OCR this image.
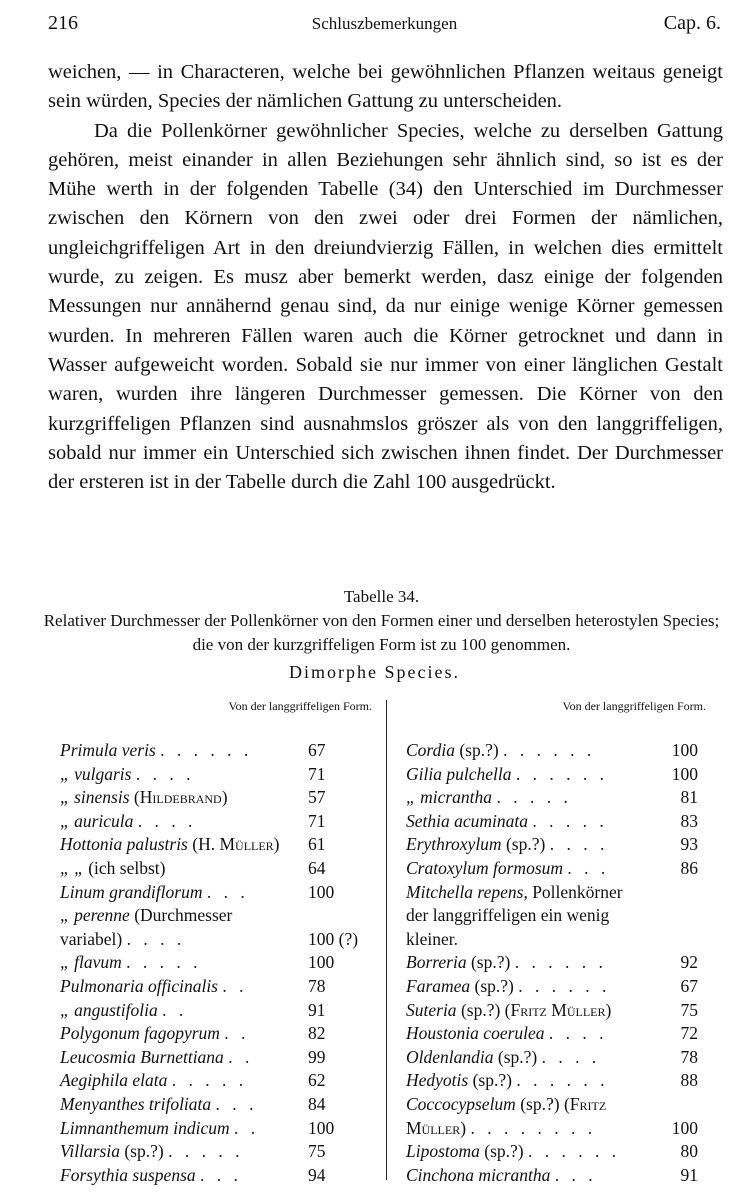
216	Schluszbemerkungen	Cap. 6.

weichen, — in Characteren, welche bei gewöhnlichen Pflanzen weitaus geneigt sein würden, Species der nämlichen Gattung zu unterscheiden.

Da die Pollenkörner gewöhnlicher Species, welche zu derselben Gattung gehören, meist einander in allen Beziehungen sehr ähnlich sind, so ist es der Mühe werth in der folgenden Tabelle (34) den Unterschied im Durchmesser zwischen den Körnern von den zwei oder drei Formen der nämlichen, ungleichgriffeligen Art in den dreiundvierzig Fällen, in welchen dies ermittelt wurde, zu zeigen. Es musz aber bemerkt werden, dasz einige der folgenden Messungen nur annähernd genau sind, da nur einige wenige Körner gemessen wurden. In mehreren Fällen waren auch die Körner getrocknet und dann in Wasser aufgeweicht worden. Sobald sie nur immer von einer länglichen Gestalt waren, wurden ihre längeren Durchmesser gemessen. Die Körner von den kurzgriffeligen Pflanzen sind ausnahmslos gröszer als von den langgriffeligen, sobald nur immer ein Unterschied sich zwischen ihnen findet. Der Durchmesser der ersteren ist in der Tabelle durch die Zahl 100 ausgedrückt.

Tabelle 34.
Relativer Durchmesser der Pollenkörner von den Formen einer und derselben heterostylen Species; die von der kurzgriffeligen Form ist zu 100 genommen.
Dimorphe Species.
Von der langgriffeligen Form.
Primula veris . . . . . .	67
„ vulgaris . . . .	71
„ sinensis (Hildebrand)	57
„ auricula . . . .	71
Hottonia palustris (H. Müller) 61
„ „ (ich selbst)	64
Linum grandiflorum . . .	100
„ perenne (Durchmesser
variabel) . . . .	100 (?)
„ flavum . . . . .	100
Pulmonaria officinalis . .	78
„ angustifolia . .	91
Polygonum fagopyrum . .	82
Leucosmia Burnettiana . .	99
Aegiphila elata . . . . .	62
Menyanthes trifoliata . . .	84
Limnanthemum indicum . .	100
Villarsia (sp.?) . . . . .	75
Forsythia suspensa . . .	94
Von der langgriffeligen Form.
Cordia (sp.?) . . . . . .	100
Gilia pulchella . . . . . .	100
„ micrantha . . . . .	81
Sethia acuminata . . . . .	83
Erythroxylum (sp.?) . . . .	93
Cratoxylum formosum . . .	86
Mitchella repens, Pollenkörner
der langgriffeligen ein wenig
kleiner.
Borreria (sp.?) . . . . . .	92
Faramea (sp.?) . . . . . .	67
Suteria (sp.?) (Fritz Müller)	75
Houstonia coerulea . . . .	72
Oldenlandia (sp.?) . . . .	78
Hedyotis (sp.?) . . . . . .	88
Coccocypselum (sp.?) (Fritz
Müller) . . . . . . . .	100
Lipostoma (sp.?) . . . . . .	80
Cinchona micrantha . . .	91
